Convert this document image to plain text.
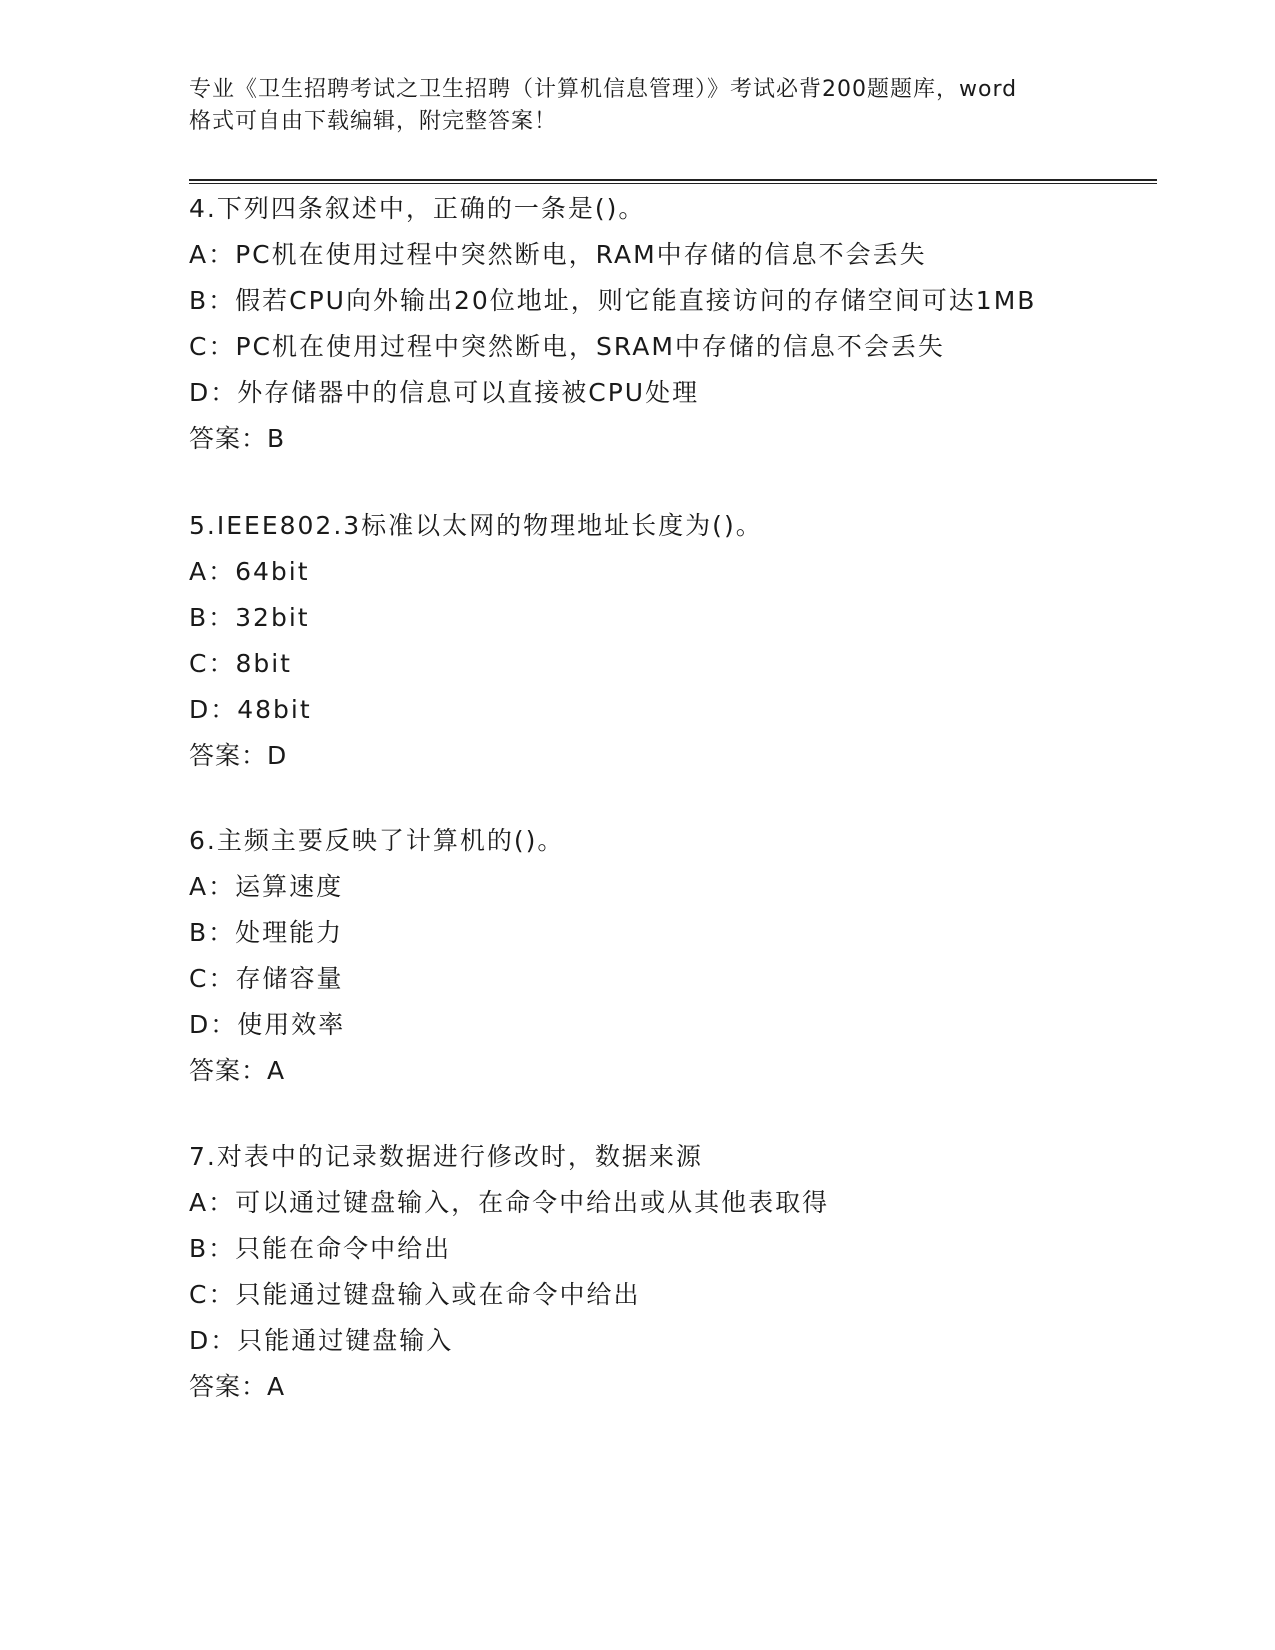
专业《卫生招聘考试之卫生招聘（计算机信息管理）》考试必背200题题库，word
格式可自由下载编辑，附完整答案！
4.下列四条叙述中，正确的一条是()。
A：PC机在使用过程中突然断电，RAM中存储的信息不会丢失
B：假若CPU向外输出20位地址，则它能直接访问的存储空间可达1MB
C：PC机在使用过程中突然断电，SRAM中存储的信息不会丢失
D：外存储器中的信息可以直接被CPU处理
答案：B
5.IEEE802.3标准以太网的物理地址长度为()。
A：64bit
B：32bit
C：8bit
D：48bit
答案：D
6.主频主要反映了计算机的()。
A：运算速度
B：处理能力
C：存储容量
D：使用效率
答案：A
7.对表中的记录数据进行修改时，数据来源
A：可以通过键盘输入，在命令中给出或从其他表取得
B：只能在命令中给出
C：只能通过键盘输入或在命令中给出
D：只能通过键盘输入
答案：A
